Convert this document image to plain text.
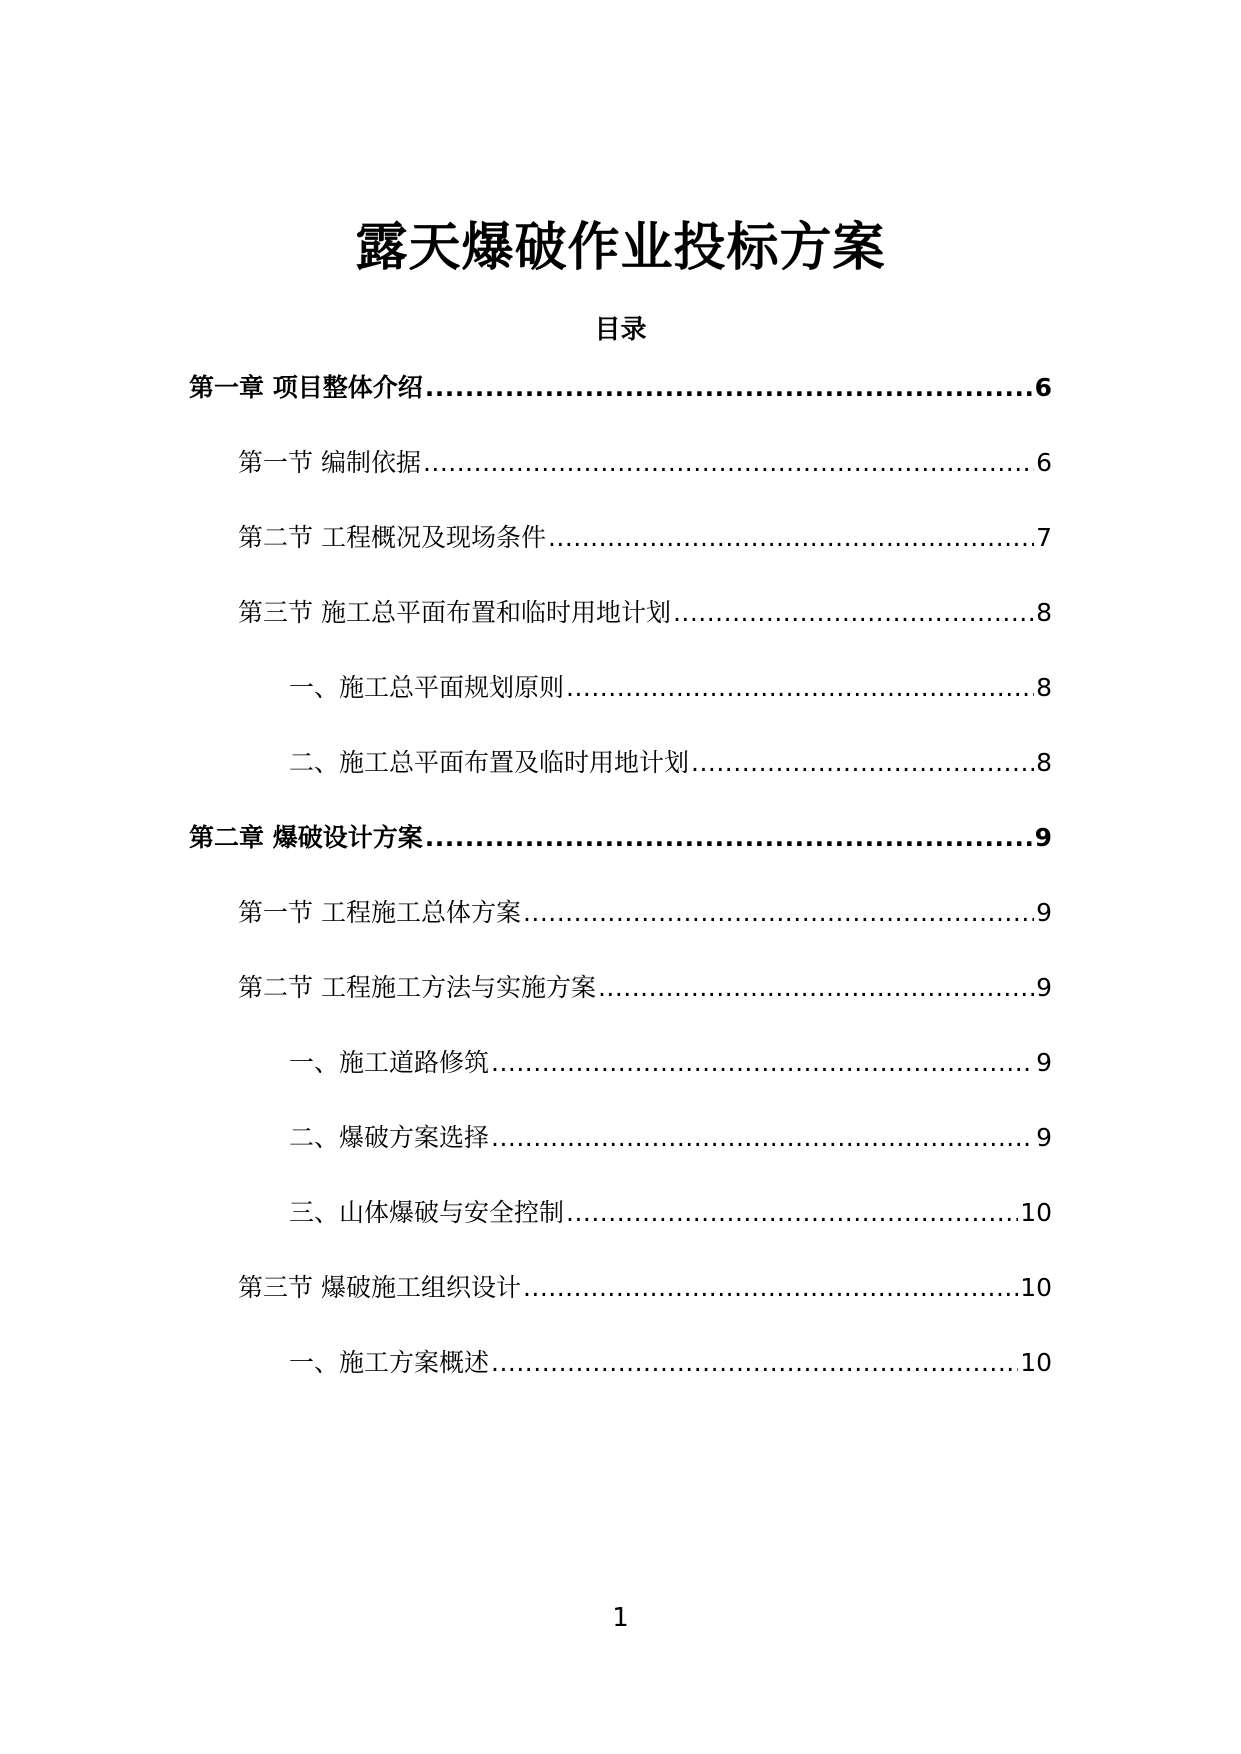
露天爆破作业投标方案
目录
第一章 项目整体介绍 .....	6
第一节 编制依据 .....	6
第二节 工程概况及现场条件 .....	7
第三节 施工总平面布置和临时用地计划 .....	8
一、施工总平面规划原则 .....	8
二、施工总平面布置及临时用地计划 .....	8
第二章 爆破设计方案 .....	9
第一节 工程施工总体方案 .....	9
第二节 工程施工方法与实施方案 .....	9
一、施工道路修筑 .....	9
二、爆破方案选择 .....	9
三、山体爆破与安全控制 .....	10
第三节 爆破施工组织设计 .....	10
一、施工方案概述 .....	10
1
